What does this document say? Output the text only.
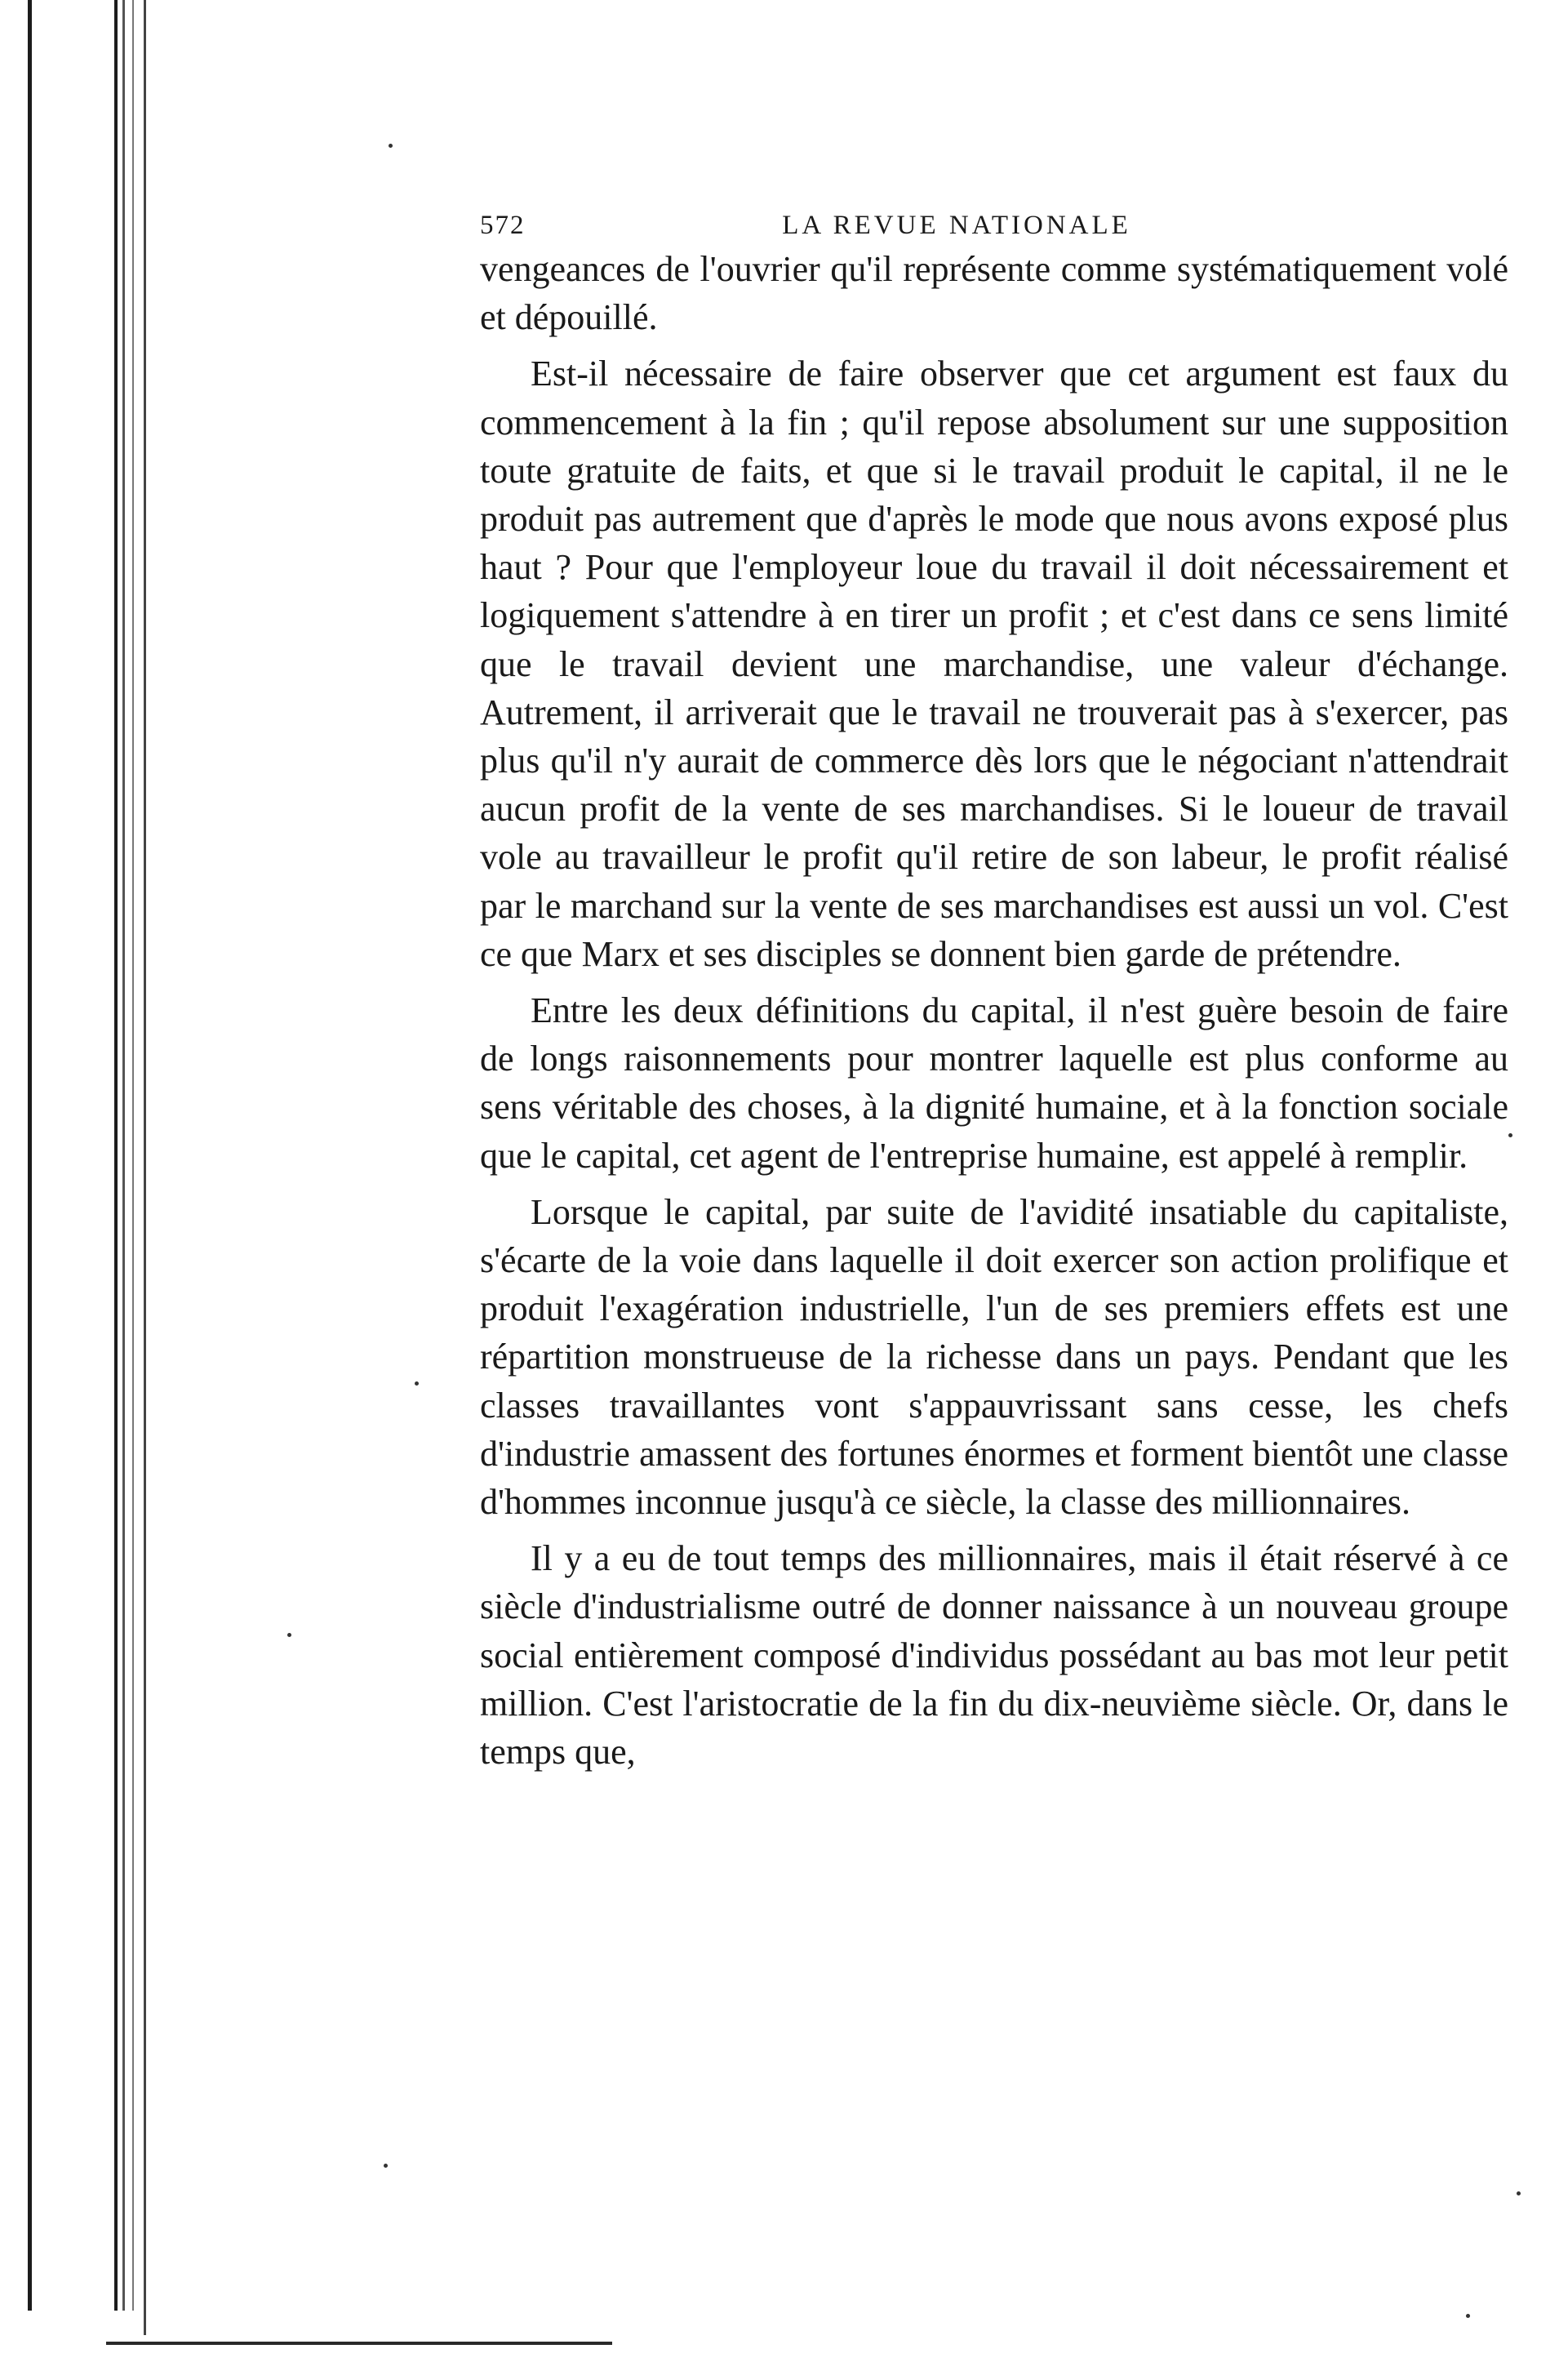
572	LA REVUE NATIONALE

vengeances de l'ouvrier qu'il représente comme systématiquement volé et dépouillé.

Est-il nécessaire de faire observer que cet argument est faux du commencement à la fin ; qu'il repose absolument sur une supposition toute gratuite de faits, et que si le travail produit le capital, il ne le produit pas autrement que d'après le mode que nous avons exposé plus haut ? Pour que l'employeur loue du travail il doit nécessairement et logiquement s'attendre à en tirer un profit ; et c'est dans ce sens limité que le travail devient une marchandise, une valeur d'échange. Autrement, il arriverait que le travail ne trouverait pas à s'exercer, pas plus qu'il n'y aurait de commerce dès lors que le négociant n'attendrait aucun profit de la vente de ses marchandises. Si le loueur de travail vole au travailleur le profit qu'il retire de son labeur, le profit réalisé par le marchand sur la vente de ses marchandises est aussi un vol. C'est ce que Marx et ses disciples se donnent bien garde de prétendre.

Entre les deux définitions du capital, il n'est guère besoin de faire de longs raisonnements pour montrer laquelle est plus conforme au sens véritable des choses, à la dignité humaine, et à la fonction sociale que le capital, cet agent de l'entreprise humaine, est appelé à remplir.

Lorsque le capital, par suite de l'avidité insatiable du capitaliste, s'écarte de la voie dans laquelle il doit exercer son action prolifique et produit l'exagération industrielle, l'un de ses premiers effets est une répartition monstrueuse de la richesse dans un pays. Pendant que les classes travaillantes vont s'appauvrissant sans cesse, les chefs d'industrie amassent des fortunes énormes et forment bientôt une classe d'hommes inconnue jusqu'à ce siècle, la classe des millionnaires.

Il y a eu de tout temps des millionnaires, mais il était réservé à ce siècle d'industrialisme outré de donner naissance à un nouveau groupe social entièrement composé d'individus possédant au bas mot leur petit million. C'est l'aristocratie de la fin du dix-neuvième siècle. Or, dans le temps que,
